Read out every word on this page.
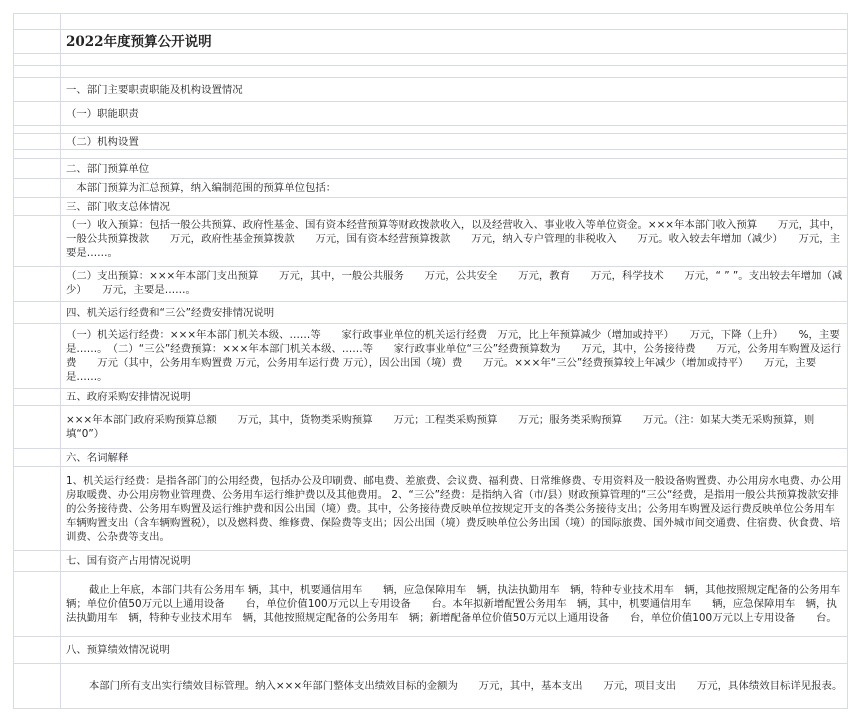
2022年度预算公开说明
一、部门主要职责职能及机构设置情况
（一）职能职责
（二）机构设置
二、部门预算单位
本部门预算为汇总预算，纳入编制范围的预算单位包括：
三、部门收支总体情况

（一）收入预算：包括一般公共预算、政府性基金、国有资本经营预算等财政拨款收入，以及经营收入、事业收入等单位资金。×××年本部门收入预算　　万元，其中，一般公共预算拨款　　万元，政府性基金预算拨款　　万元，国有资本经营预算拨款　　万元，纳入专户管理的非税收入　　万元。收入较去年增加（减少）　　万元，主要是……。

（二）支出预算：×××年本部门支出预算　　万元，其中，一般公共服务　　万元，公共安全　　万元，教育　　万元，科学技术　　万元，“ ” ”。支出较去年增加（减少）　　万元，主要是……。

四、机关运行经费和“三公”经费安排情况说明

（一）机关运行经费：×××年本部门机关本级、……等　　家行政事业单位的机关运行经费　万元，比上年预算减少（增加或持平）　　万元，下降（上升）　　%，主要是……。　（二）“三公”经费预算：×××年本部门机关本级、……等　　家行政事业单位“三公”经费预算数为　　万元，其中，公务接待费　　万元，公务用车购置及运行费　　万元（其中，公务用车购置费 万元，公务用车运行费 万元），因公出国（境）费　　万元。×××年“三公”经费预算较上年减少（增加或持平）　　万元，主要是……。

五、政府采购安排情况说明

×××年本部门政府采购预算总额　　万元，其中，货物类采购预算　　万元；工程类采购预算　　万元；服务类采购预算　　万元。（注：如某大类无采购预算，则填“0”）

六、名词解释

1、机关运行经费：是指各部门的公用经费，包括办公及印刷费、邮电费、差旅费、会议费、福利费、日常维修费、专用资料及一般设备购置费、办公用房水电费、办公用房取暖费、办公用房物业管理费、公务用车运行维护费以及其他费用。 2、“三公”经费：是指纳入省（市/县）财政预算管理的“三公“经费，是指用一般公共预算拨款安排的公务接待费、公务用车购置及运行维护费和因公出国（境）费。其中，公务接待费反映单位按规定开支的各类公务接待支出；公务用车购置及运行费反映单位公务用车车辆购置支出（含车辆购置税），以及燃料费、维修费、保险费等支出；因公出国（境）费反映单位公务出国（境）的国际旅费、国外城市间交通费、住宿费、伙食费、培训费、公杂费等支出。

七、国有资产占用情况说明

截止上年底，本部门共有公务用车 辆，其中，机要通信用车　　辆，应急保障用车　辆，执法执勤用车　辆，特种专业技术用车　辆，其他按照规定配备的公务用车　辆；单位价值50万元以上通用设备　　台，单位价值100万元以上专用设备　　台。本年拟新增配置公务用车　辆，其中，机要通信用车　　辆，应急保障用车　辆，执法执勤用车　辆，特种专业技术用车　辆，其他按照规定配备的公务用车　辆；新增配备单位价值50万元以上通用设备　　台，单位价值100万元以上专用设备　　台。

八、预算绩效情况说明

本部门所有支出实行绩效目标管理。纳入×××年部门整体支出绩效目标的金额为　　万元，其中，基本支出　　万元，项目支出　　万元，具体绩效目标详见报表。
